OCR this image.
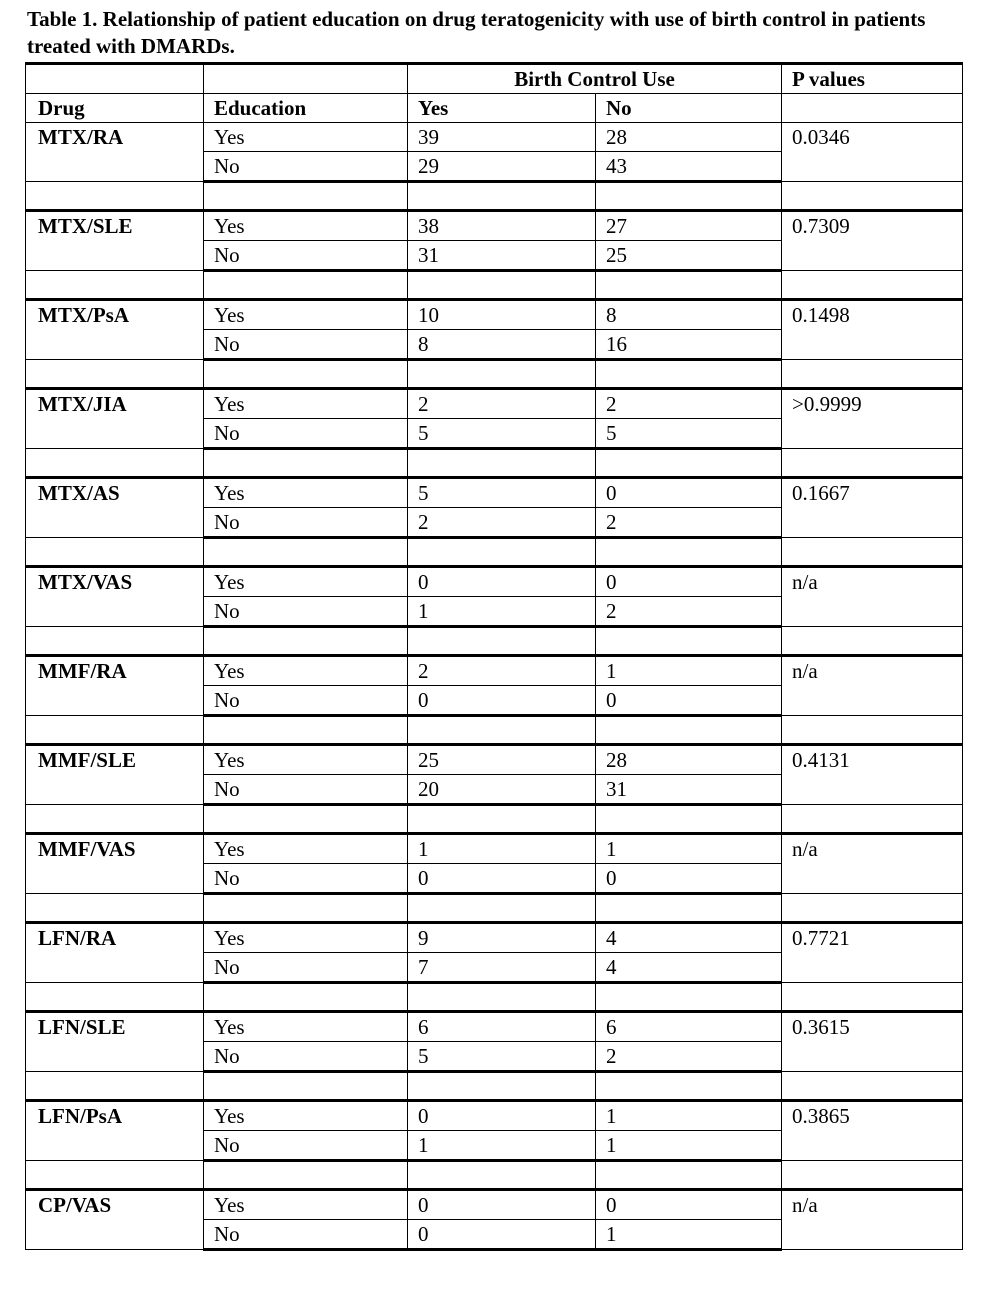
Table 1. Relationship of patient education on drug teratogenicity with use of birth control in patients treated with DMARDs.
		Birth Control Use		P values
Drug	Education	Yes	No	
MTX/RA	Yes	39	28	0.0346
	No	29	43	

MTX/SLE	Yes	38	27	0.7309
	No	31	25	

MTX/PsA	Yes	10	8	0.1498
	No	8	16	

MTX/JIA	Yes	2	2	>0.9999
	No	5	5	

MTX/AS	Yes	5	0	0.1667
	No	2	2	

MTX/VAS	Yes	0	0	n/a
	No	1	2	

MMF/RA	Yes	2	1	n/a
	No	0	0	

MMF/SLE	Yes	25	28	0.4131
	No	20	31	

MMF/VAS	Yes	1	1	n/a
	No	0	0	

LFN/RA	Yes	9	4	0.7721
	No	7	4	

LFN/SLE	Yes	6	6	0.3615
	No	5	2	

LFN/PsA	Yes	0	1	0.3865
	No	1	1	

CP/VAS	Yes	0	0	n/a
	No	0	1	
